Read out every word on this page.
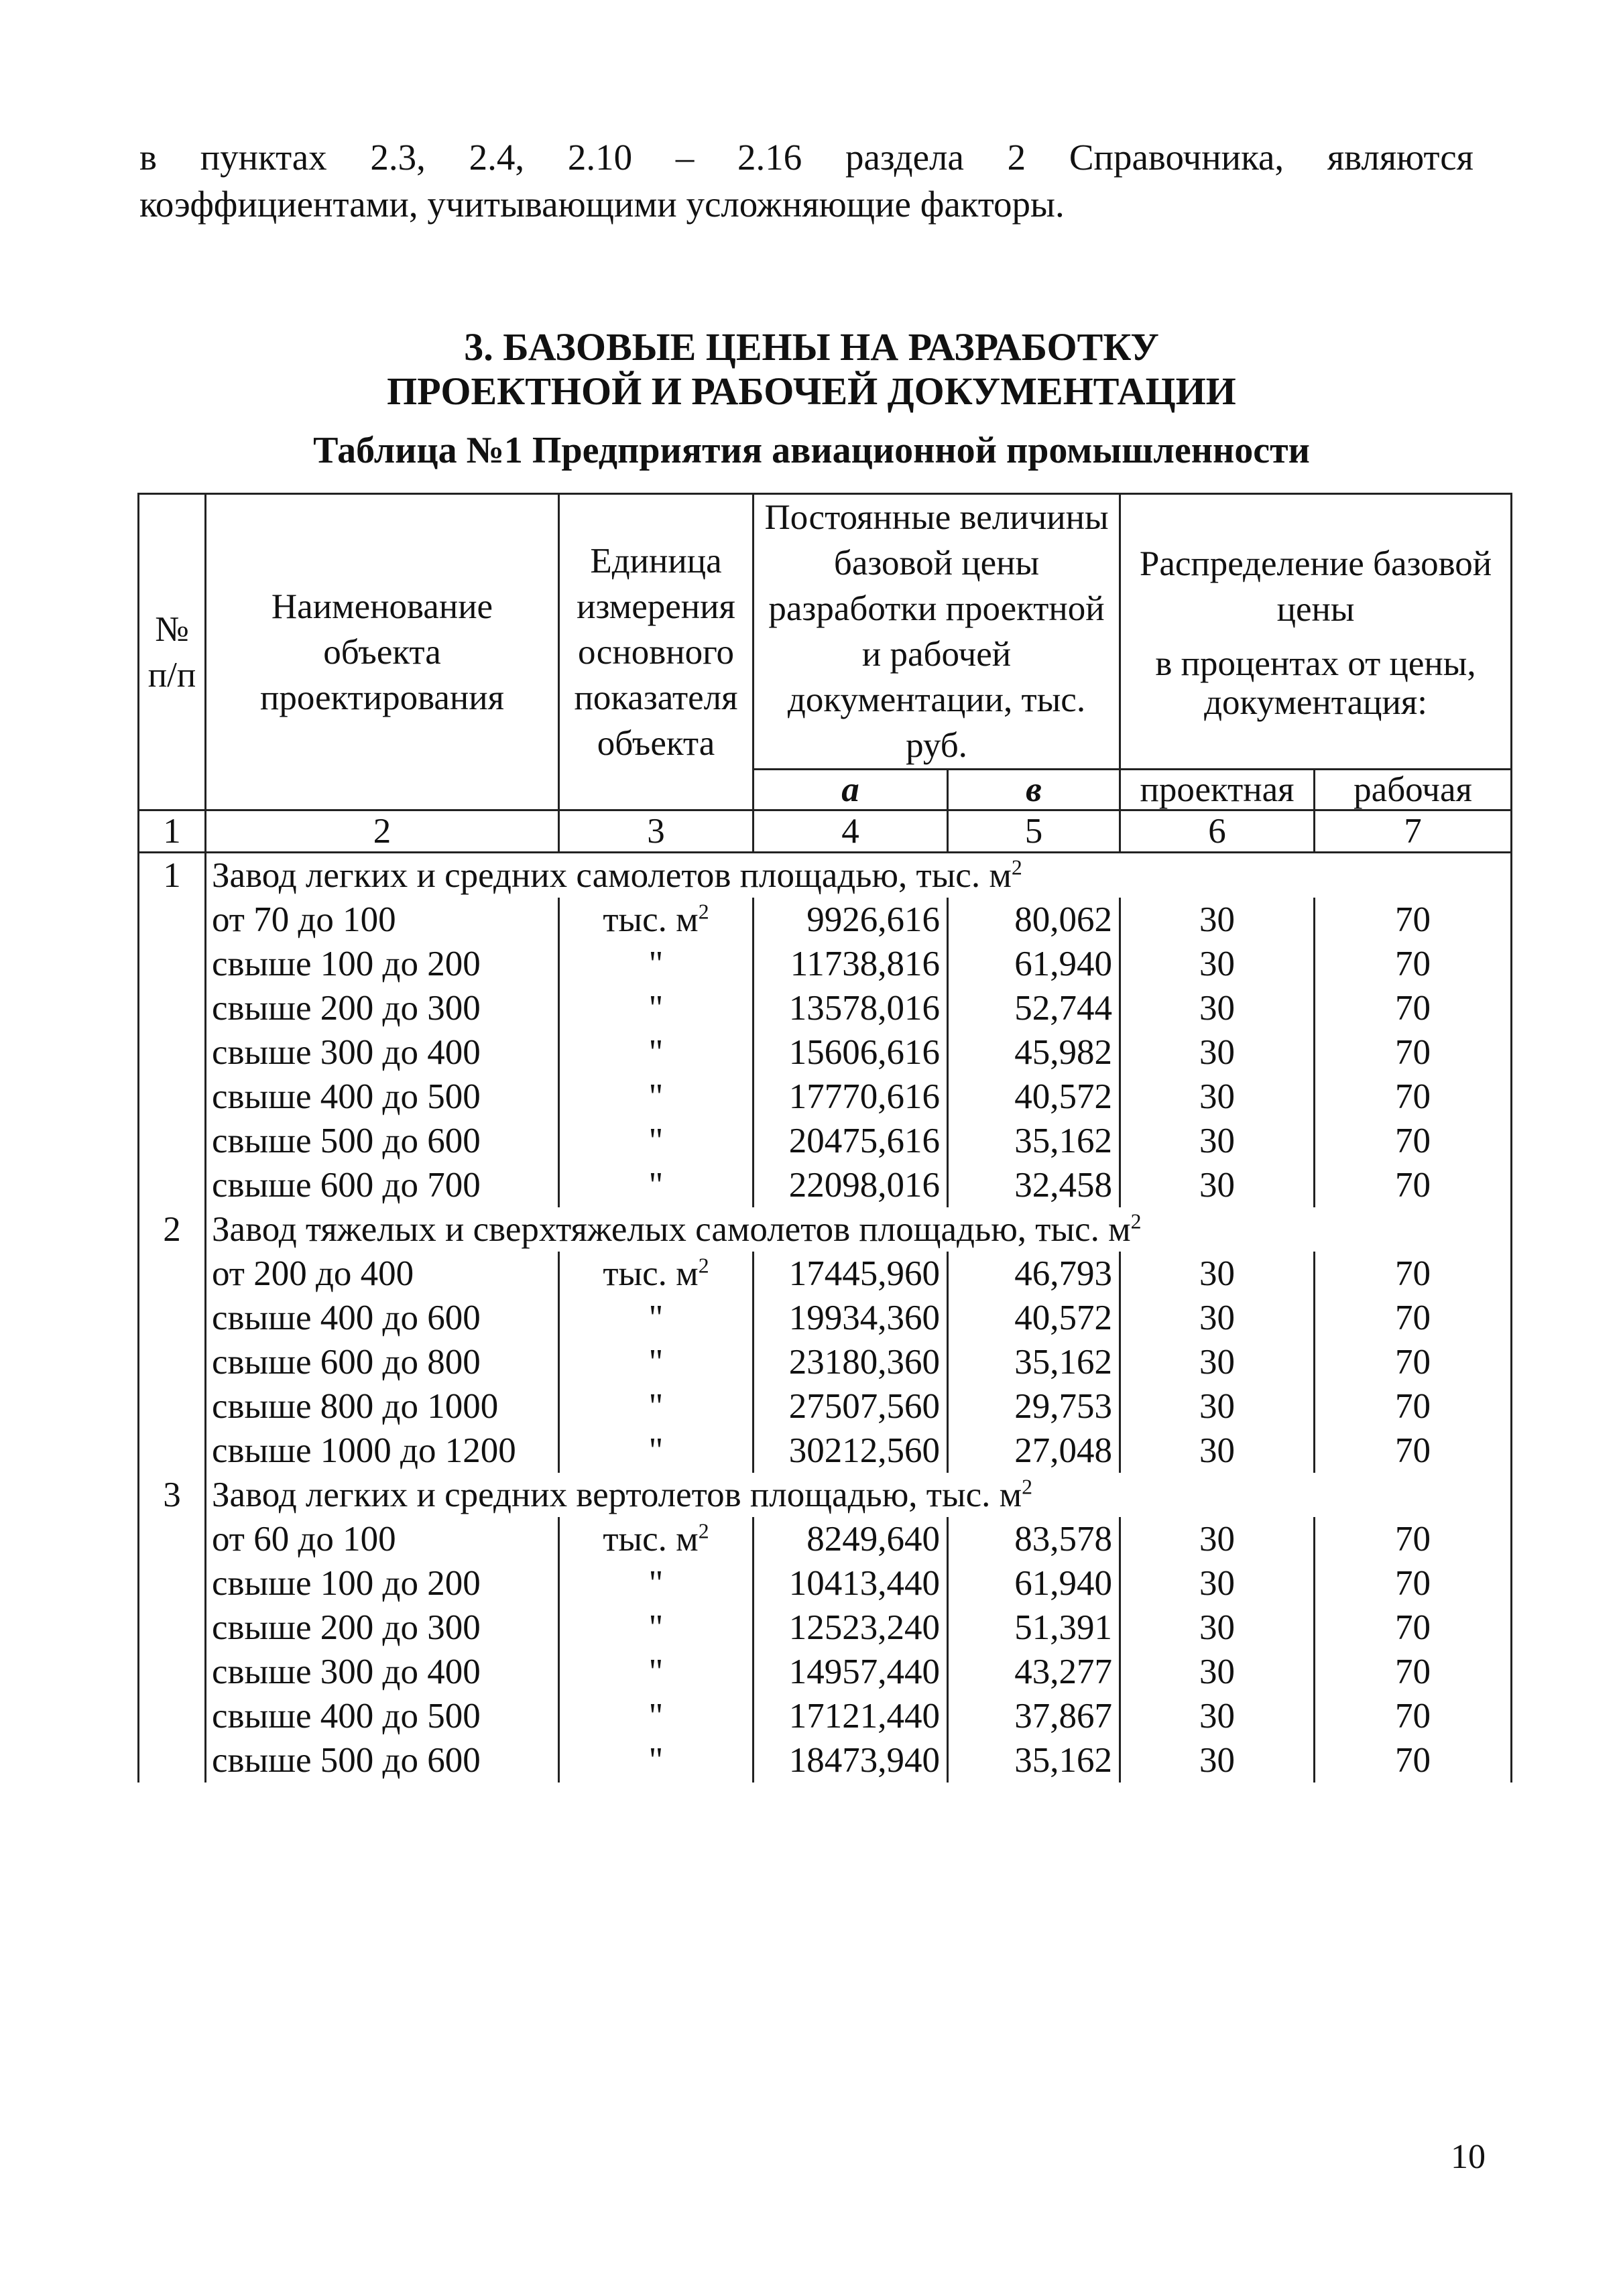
в пунктах 2.3, 2.4, 2.10 – 2.16 раздела 2 Справочника, являются
коэффициентами, учитывающими усложняющие факторы.
3. БАЗОВЫЕ ЦЕНЫ НА РАЗРАБОТКУ
ПРОЕКТНОЙ И РАБОЧЕЙ ДОКУМЕНТАЦИИ
Таблица №1 Предприятия авиационной промышленности
№ п/п	Наименование объекта проектирования	Единица измерения основного показателя объекта	Постоянные величины базовой цены разработки проектной и рабочей документации, тыс. руб.		Распределение базовой цены
в процентах от цены, документация:	

			а	в	проектная	рабочая
1	2	3	4	5	6	7
1	Завод легких и средних самолетов площадью, тыс. $м^2$	
	от 70 до 100	тыс. $м^2$	9926,616	80,062	30	70
	свыше 100 до 200	"	11738,816	61,940	30	70
	свыше 200 до 300	"	13578,016	52,744	30	70
	свыше 300 до 400	"	15606,616	45,982	30	70
	свыше 400 до 500	"	17770,616	40,572	30	70
	свыше 500 до 600	"	20475,616	35,162	30	70
	свыше 600 до 700	"	22098,016	32,458	30	70
2	Завод тяжелых и сверхтяжелых самолетов площадью, тыс. $м^2$	
	от 200 до 400	тыс. $м^2$	17445,960	46,793	30	70
	свыше 400 до 600	"	19934,360	40,572	30	70
	свыше 600 до 800	"	23180,360	35,162	30	70
	свыше 800 до 1000	"	27507,560	29,753	30	70
	свыше 1000 до 1200	"	30212,560	27,048	30	70
3	Завод легких и средних вертолетов площадью, тыс. $м^2$	
	от 60 до 100	тыс. $м^2$	8249,640	83,578	30	70
	свыше 100 до 200	"	10413,440	61,940	30	70
	свыше 200 до 300	"	12523,240	51,391	30	70
	свыше 300 до 400	"	14957,440	43,277	30	70
	свыше 400 до 500	"	17121,440	37,867	30	70
	свыше 500 до 600	"	18473,940	35,162	30	70
10
